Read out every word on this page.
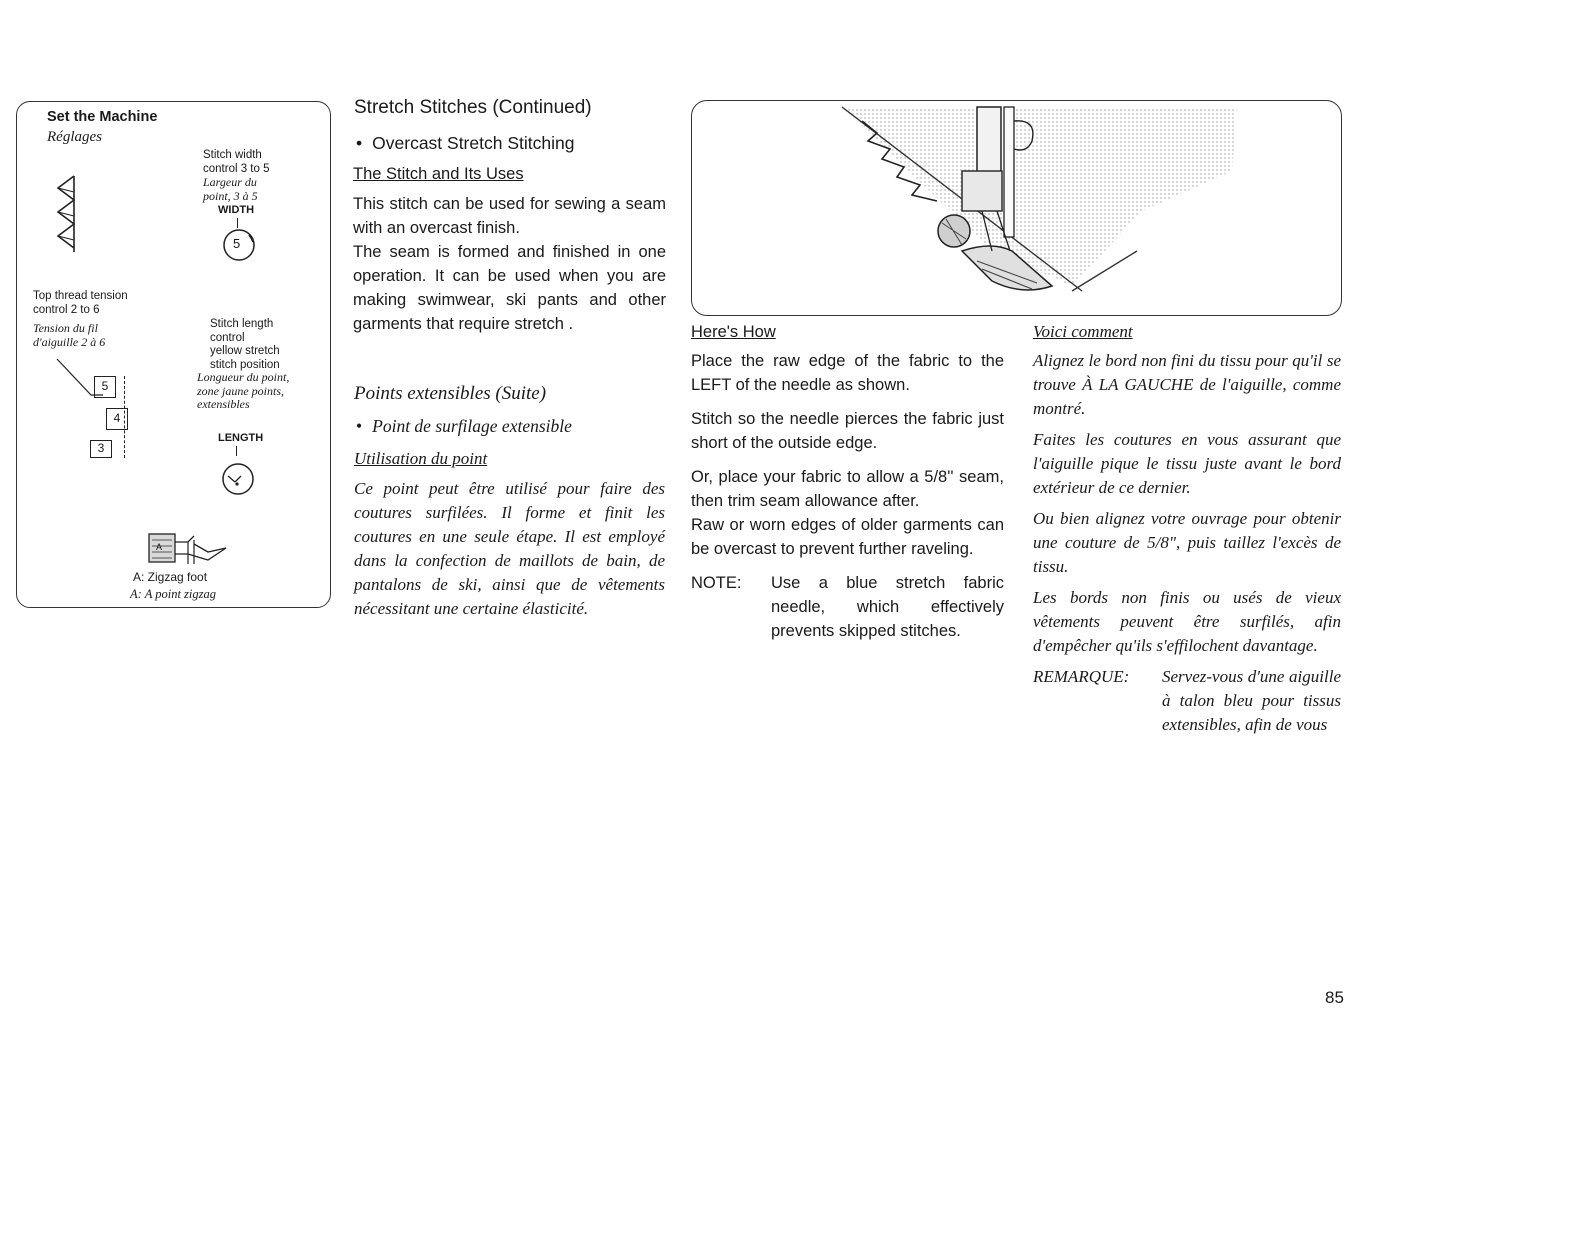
Set the Machine
Réglages
Stitch width
control 3 to 5
Largeur du
point, 3 à 5
WIDTH
5
Top thread tension
control 2 to 6
Tension du fil
d'aiguille 2 à 6
5
4
3
Stitch length
control
yellow stretch
stitch position
Longueur du point,
zone jaune points,
extensibles
LENGTH
A
A: Zigzag foot
A: A point zigzag
Stretch Stitches (Continued)
• Overcast Stretch Stitching
The Stitch and Its Uses

This stitch can be used for sewing a seam with an overcast finish.

The seam is formed and finished in one operation. It can be used when you are making swimwear, ski pants and other garments that require stretch .

Points extensibles (Suite)
• Point de surfilage extensible
Utilisation du point
Ce point peut être utilisé pour faire des coutures surfilées. Il forme et finit les coutures en une seule étape. Il est employé dans la confection de maillots de bain, de pantalons de ski, ainsi que de vêtements nécessitant une certaine élasticité.
Here's How

Place the raw edge of the fabric to the LEFT of the needle as shown.

Stitch so the needle pierces the fabric just short of the outside edge.

Or, place your fabric to allow a 5/8'' seam, then trim seam allowance after.

Raw or worn edges of older garments can be overcast to prevent further raveling.

NOTE:	Use a blue stretch fabric needle, which effectively prevents skipped stitches.
Voici comment

Alignez le bord non fini du tissu pour qu'il se trouve À LA GAUCHE de l'aiguille, comme montré.

Faites les coutures en vous assurant que l'aiguille pique le tissu juste avant le bord extérieur de ce dernier.

Ou bien alignez votre ouvrage pour obtenir une couture de 5/8", puis taillez l'excès de tissu.

Les bords non finis ou usés de vieux vêtements peuvent être surfilés, afin d'empêcher qu'ils s'effilochent davantage.

REMARQUE:	Servez-vous d'une aiguille à talon bleu pour tissus extensibles, afin de vous
85
